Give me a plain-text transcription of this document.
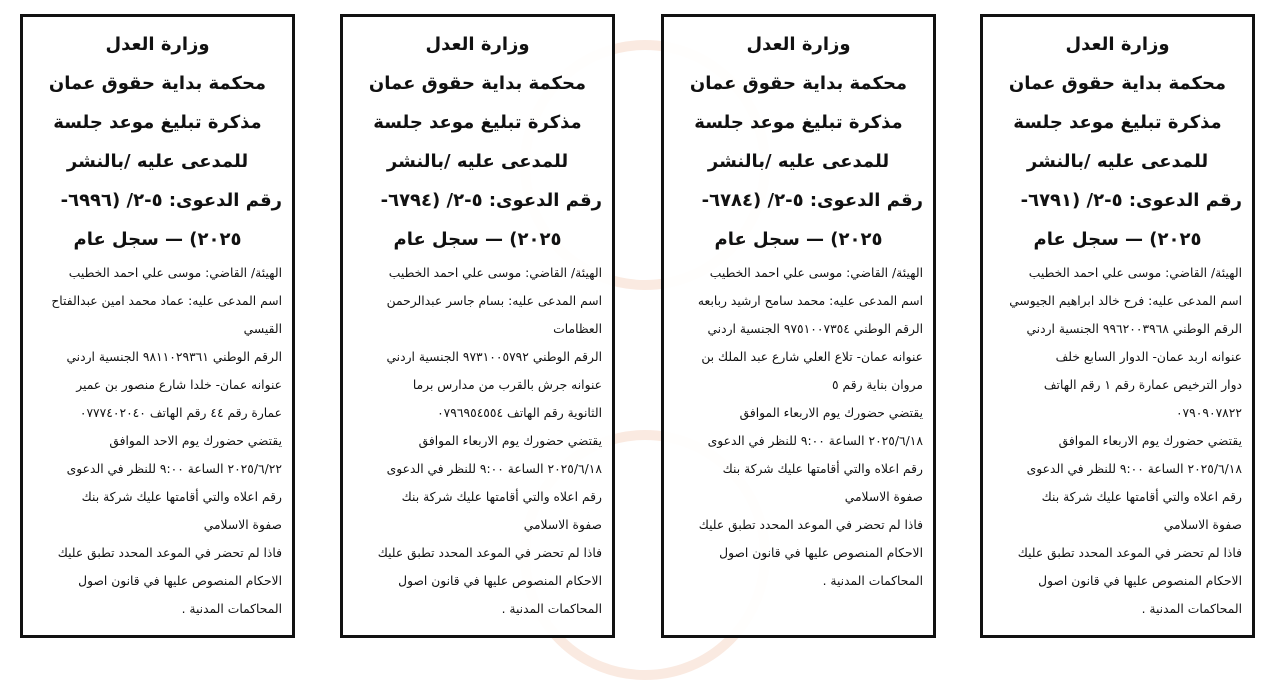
وزارة العدل
محكمة بداية حقوق عمان
مذكرة تبليغ موعد جلسة
للمدعى عليه /بالنشر
رقم الدعوى: ٥-٢/ (٦٧٩١-
٢٠٢٥) — سجل عام
الهيئة/ القاضي: موسى علي احمد الخطيب
اسم المدعى عليه: فرح خالد ابراهيم الجيوسي
الرقم الوطني ٩٩٦٢٠٠٣٩٦٨ الجنسية اردني
عنوانه اربد عمان- الدوار السابع خلف
دوار الترخيص عمارة رقم ١ رقم الهاتف
٠٧٩٠٩٠٧٨٢٢
يقتضي حضورك يوم الاربعاء الموافق
٢٠٢٥/٦/١٨ الساعة ٩:٠٠ للنظر في الدعوى
رقم اعلاه والتي أقامتها عليك شركة بنك
صفوة الاسلامي
فاذا لم تحضر في الموعد المحدد تطبق عليك
الاحكام المنصوص عليها في قانون اصول
المحاكمات المدنية .
وزارة العدل
محكمة بداية حقوق عمان
مذكرة تبليغ موعد جلسة
للمدعى عليه /بالنشر
رقم الدعوى: ٥-٢/ (٦٧٨٤-
٢٠٢٥) — سجل عام
الهيئة/ القاضي: موسى علي احمد الخطيب
اسم المدعى عليه: محمد سامح ارشيد ربابعه
الرقم الوطني ٩٧٥١٠٠٧٣٥٤ الجنسية اردني
عنوانه عمان- تلاع العلي شارع عبد الملك بن
مروان بناية رقم ٥
يقتضي حضورك يوم الاربعاء الموافق
٢٠٢٥/٦/١٨ الساعة ٩:٠٠ للنظر في الدعوى
رقم اعلاه والتي أقامتها عليك شركة بنك
صفوة الاسلامي
فاذا لم تحضر في الموعد المحدد تطبق عليك
الاحكام المنصوص عليها في قانون اصول
المحاكمات المدنية .
وزارة العدل
محكمة بداية حقوق عمان
مذكرة تبليغ موعد جلسة
للمدعى عليه /بالنشر
رقم الدعوى: ٥-٢/ (٦٧٩٤-
٢٠٢٥) — سجل عام
الهيئة/ القاضي: موسى علي احمد الخطيب
اسم المدعى عليه: بسام جاسر عبدالرحمن
العظامات
الرقم الوطني ٩٧٣١٠٠٥٧٩٢ الجنسية اردني
عنوانه جرش بالقرب من مدارس برما
الثانوية رقم الهاتف ٠٧٩٦٩٥٤٥٥٤
يقتضي حضورك يوم الاربعاء الموافق
٢٠٢٥/٦/١٨ الساعة ٩:٠٠ للنظر في الدعوى
رقم اعلاه والتي أقامتها عليك شركة بنك
صفوة الاسلامي
فاذا لم تحضر في الموعد المحدد تطبق عليك
الاحكام المنصوص عليها في قانون اصول
المحاكمات المدنية .
وزارة العدل
محكمة بداية حقوق عمان
مذكرة تبليغ موعد جلسة
للمدعى عليه /بالنشر
رقم الدعوى: ٥-٢/ (٦٩٩٦-
٢٠٢٥) — سجل عام
الهيئة/ القاضي: موسى علي احمد الخطيب
اسم المدعى عليه: عماد محمد امين عبدالفتاح
القيسي
الرقم الوطني ٩٨١١٠٢٩٣٦١ الجنسية اردني
عنوانه عمان- خلدا شارع منصور بن عمير
عمارة رقم ٤٤ رقم الهاتف ٠٧٧٧٤٠٢٠٤٠
يقتضي حضورك يوم الاحد الموافق
٢٠٢٥/٦/٢٢ الساعة ٩:٠٠ للنظر في الدعوى
رقم اعلاه والتي أقامتها عليك شركة بنك
صفوة الاسلامي
فاذا لم تحضر في الموعد المحدد تطبق عليك
الاحكام المنصوص عليها في قانون اصول
المحاكمات المدنية .
